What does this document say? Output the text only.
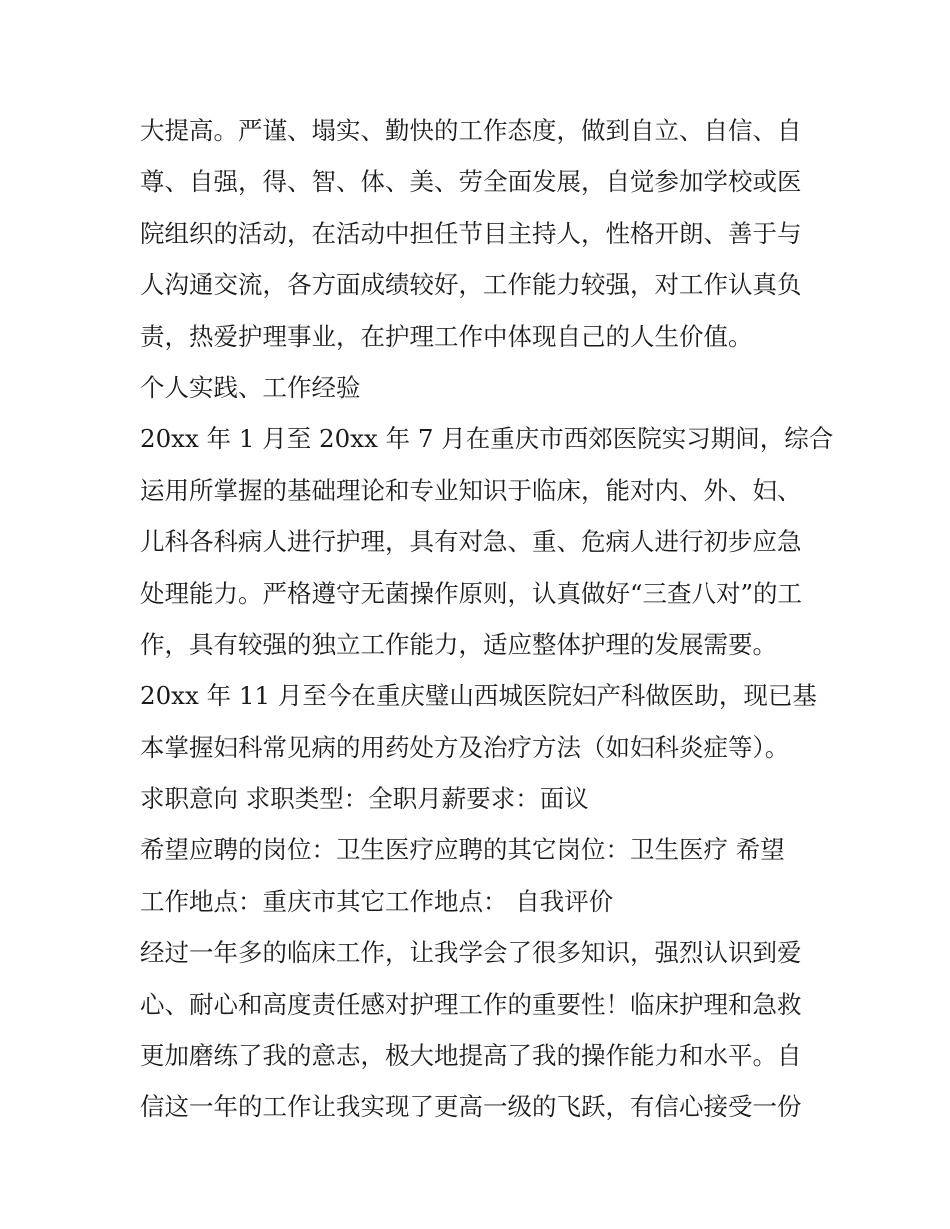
大提高。严谨、塌实、勤快的工作态度，做到自立、自信、自
尊、自强，得、智、体、美、劳全面发展，自觉参加学校或医
院组织的活动，在活动中担任节目主持人，性格开朗、善于与
人沟通交流，各方面成绩较好，工作能力较强，对工作认真负
责，热爱护理事业，在护理工作中体现自己的人生价值。
个人实践、工作经验
20xx 年 1 月至 20xx 年 7 月在重庆市西郊医院实习期间，综合
运用所掌握的基础理论和专业知识于临床，能对内、外、妇、
儿科各科病人进行护理，具有对急、重、危病人进行初步应急
处理能力。严格遵守无菌操作原则，认真做好“三查八对”的工
作，具有较强的独立工作能力，适应整体护理的发展需要。
20xx 年 11 月至今在重庆璧山西城医院妇产科做医助，现已基
本掌握妇科常见病的用药处方及治疗方法（如妇科炎症等）。
求职意向 求职类型：全职月薪要求：面议
希望应聘的岗位：卫生医疗应聘的其它岗位：卫生医疗 希望
工作地点：重庆市其它工作地点： 自我评价
经过一年多的临床工作，让我学会了很多知识，强烈认识到爱
心、耐心和高度责任感对护理工作的重要性！临床护理和急救
更加磨练了我的意志，极大地提高了我的操作能力和水平。自
信这一年的工作让我实现了更高一级的飞跃，有信心接受一份
